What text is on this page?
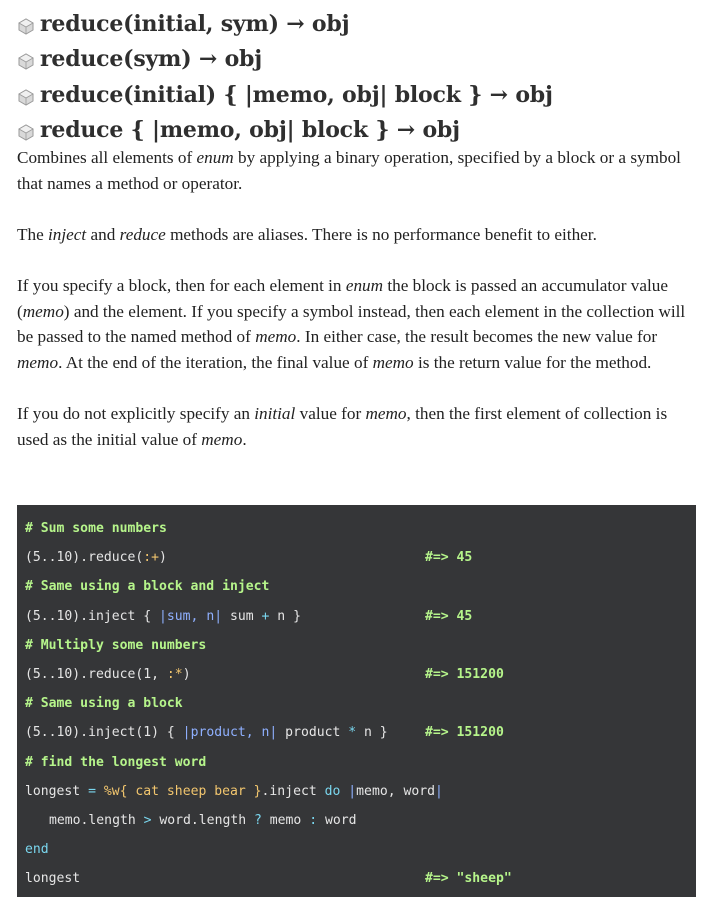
reduce(initial, sym) → obj
reduce(sym) → obj
reduce(initial) { |memo, obj| block } → obj
reduce { |memo, obj| block } → obj

Combines all elements of enum by applying a binary operation, specified by a block or a symbol that names a method or operator.

The inject and reduce methods are aliases. There is no performance benefit to either.

If you specify a block, then for each element in enum the block is passed an accumulator value (memo) and the element. If you specify a symbol instead, then each element in the collection will be passed to the named method of memo. In either case, the result becomes the new value for memo. At the end of the iteration, the final value of memo is the return value for the method.

If you do not explicitly specify an initial value for memo, then the first element of collection is used as the initial value of memo.

# Sum some numbers
(5..10).reduce(:+)	#=> 45
# Same using a block and inject
(5..10).inject { |sum, n| sum + n }	#=> 45
# Multiply some numbers
(5..10).reduce(1, :*)	#=> 151200
# Same using a block
(5..10).inject(1) { |product, n| product * n }	#=> 151200
# find the longest word
longest = %w{ cat sheep bear }.inject do |memo, word|
memo.length > word.length ? memo : word
end
longest	#=> "sheep"
